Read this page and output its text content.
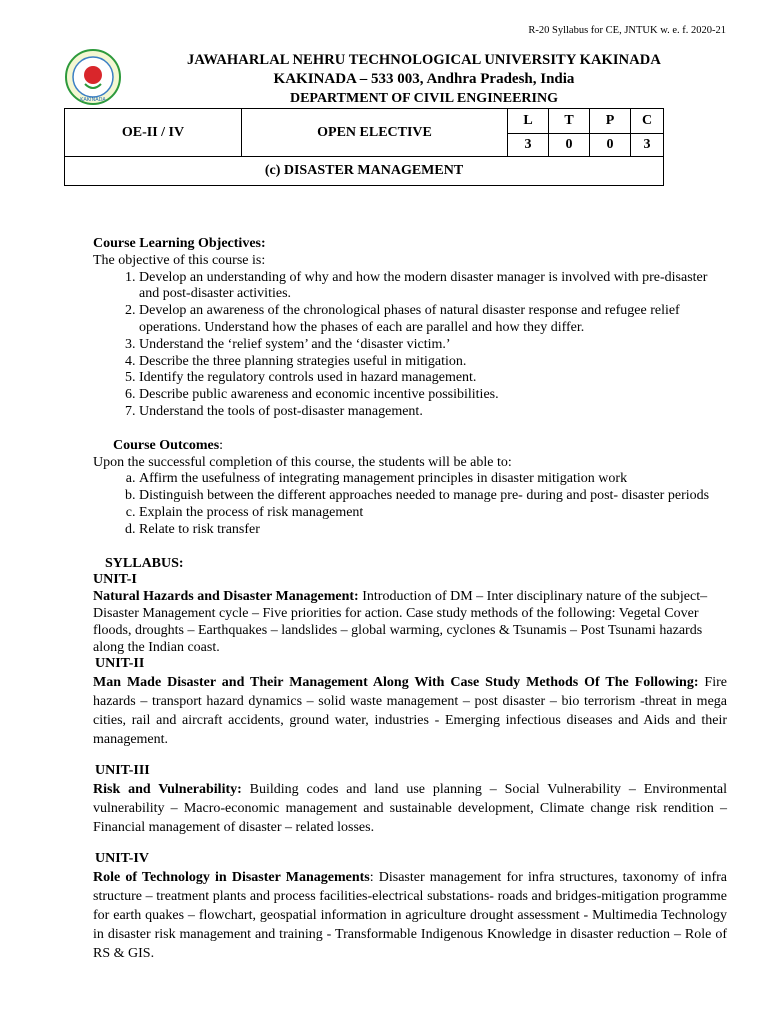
R-20 Syllabus for CE, JNTUK w. e. f. 2020-21
KAKINADA
JAWAHARLAL NEHRU TECHNOLOGICAL UNIVERSITY KAKINADA
KAKINADA – 533 003, Andhra Pradesh, India
DEPARTMENT OF CIVIL ENGINEERING
OE-II / IV	OPEN ELECTIVE	L	T	P	C
		3	0	0	3
(c) DISASTER MANAGEMENT					

Course Learning Objectives:

The objective of this course is:

1. Develop an understanding of why and how the modern disaster manager is involved with pre-disaster and post-disaster activities.
2. Develop an awareness of the chronological phases of natural disaster response and refugee relief operations. Understand how the phases of each are parallel and how they differ.
3. Understand the ‘relief system’ and the ‘disaster victim.’
4. Describe the three planning strategies useful in mitigation.
5. Identify the regulatory controls used in hazard management.
6. Describe public awareness and economic incentive possibilities.
7. Understand the tools of post-disaster management.

Course Outcomes:

Upon the successful completion of this course, the students will be able to:

a. Affirm the usefulness of integrating management principles in disaster mitigation work
b. Distinguish between the different approaches needed to manage pre- during and post- disaster periods
c. Explain the process of risk management
d. Relate to risk transfer

SYLLABUS:

UNIT-I

Natural Hazards and Disaster Management: Introduction of DM – Inter disciplinary nature of the subject– Disaster Management cycle – Five priorities for action. Case study methods of the following: Vegetal Cover floods, droughts – Earthquakes – landslides – global warming, cyclones & Tsunamis – Post Tsunami hazards along the Indian coast.

UNIT-II

Man Made Disaster and Their Management Along With Case Study Methods Of The Following: Fire hazards – transport hazard dynamics – solid waste management – post disaster – bio terrorism -threat in mega cities, rail and aircraft accidents, ground water, industries - Emerging infectious diseases and Aids and their management.

UNIT-III

Risk and Vulnerability: Building codes and land use planning – Social Vulnerability – Environmental vulnerability – Macro-economic management and sustainable development, Climate change risk rendition – Financial management of disaster – related losses.

UNIT-IV

Role of Technology in Disaster Managements: Disaster management for infra structures, taxonomy of infra structure – treatment plants and process facilities-electrical substations- roads and bridges-mitigation programme for earth quakes – flowchart, geospatial information in agriculture drought assessment - Multimedia Technology in disaster risk management and training - Transformable Indigenous Knowledge in disaster reduction – Role of RS & GIS.
